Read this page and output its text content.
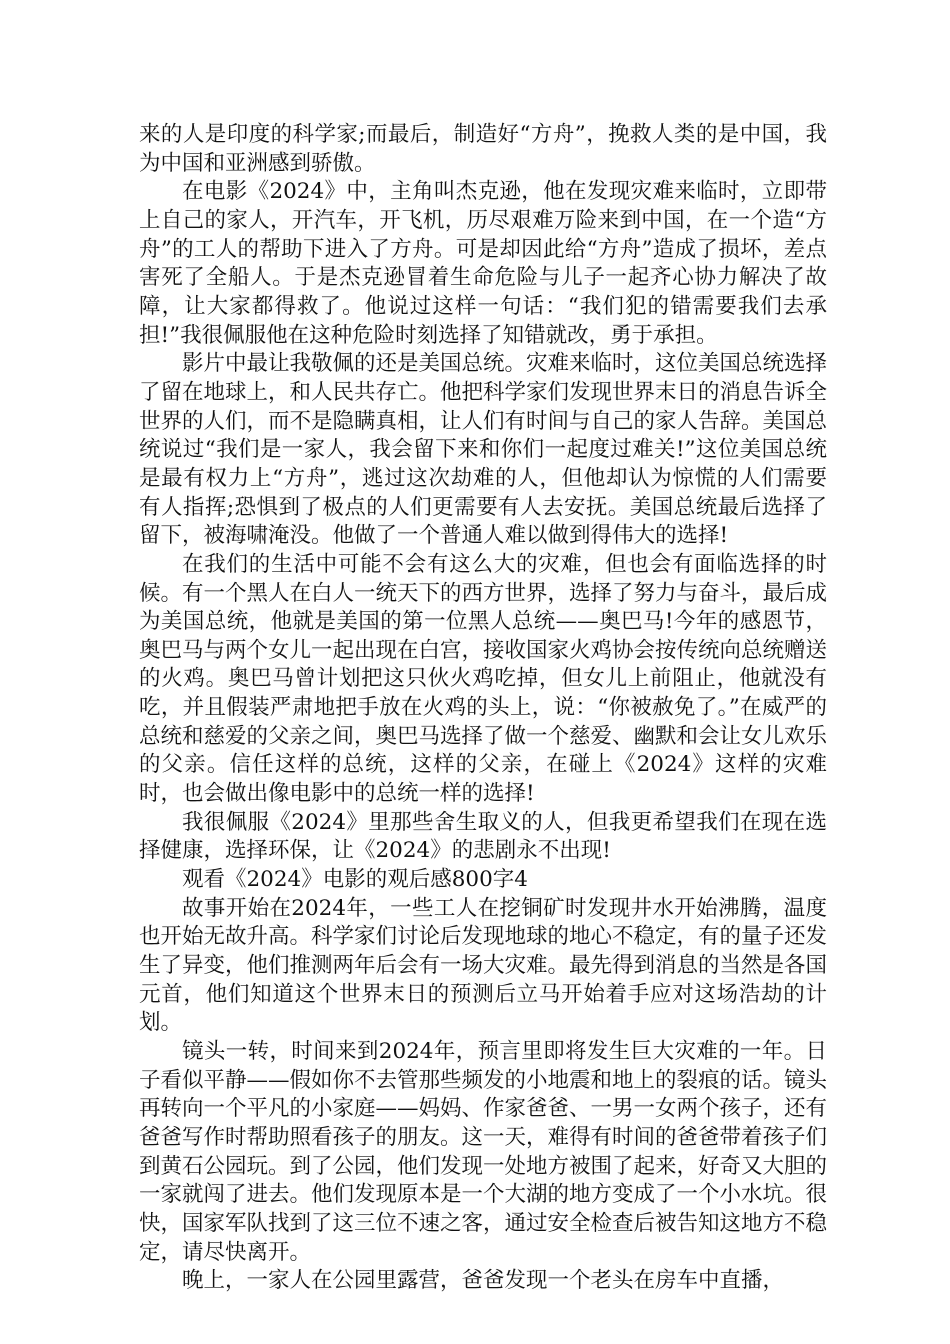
来的人是印度的科学家;而最后，制造好“方舟”，挽救人类的是中国，我为中国和亚洲感到骄傲。

在电影《2024》中，主角叫杰克逊，他在发现灾难来临时，立即带上自己的家人，开汽车，开飞机，历尽艰难万险来到中国，在一个造“方舟”的工人的帮助下进入了方舟。可是却因此给“方舟”造成了损坏，差点害死了全船人。于是杰克逊冒着生命危险与儿子一起齐心协力解决了故障，让大家都得救了。他说过这样一句话：“我们犯的错需要我们去承担!”我很佩服他在这种危险时刻选择了知错就改，勇于承担。

影片中最让我敬佩的还是美国总统。灾难来临时，这位美国总统选择了留在地球上，和人民共存亡。他把科学家们发现世界末日的消息告诉全世界的人们，而不是隐瞒真相，让人们有时间与自己的家人告辞。美国总统说过“我们是一家人，我会留下来和你们一起度过难关!”这位美国总统是最有权力上“方舟”，逃过这次劫难的人，但他却认为惊慌的人们需要有人指挥;恐惧到了极点的人们更需要有人去安抚。美国总统最后选择了留下，被海啸淹没。他做了一个普通人难以做到得伟大的选择!

在我们的生活中可能不会有这么大的灾难，但也会有面临选择的时候。有一个黑人在白人一统天下的西方世界，选择了努力与奋斗，最后成为美国总统，他就是美国的第一位黑人总统——奥巴马!今年的感恩节，奥巴马与两个女儿一起出现在白宫，接收国家火鸡协会按传统向总统赠送的火鸡。奥巴马曾计划把这只伙火鸡吃掉，但女儿上前阻止，他就没有吃，并且假装严肃地把手放在火鸡的头上，说：“你被赦免了。”在威严的总统和慈爱的父亲之间，奥巴马选择了做一个慈爱、幽默和会让女儿欢乐的父亲。信任这样的总统，这样的父亲，在碰上《2024》这样的灾难时，也会做出像电影中的总统一样的选择!

我很佩服《2024》里那些舍生取义的人，但我更希望我们在现在选择健康，选择环保，让《2024》的悲剧永不出现!

观看《2024》电影的观后感800字4

故事开始在2024年，一些工人在挖铜矿时发现井水开始沸腾，温度也开始无故升高。科学家们讨论后发现地球的地心不稳定，有的量子还发生了异变，他们推测两年后会有一场大灾难。最先得到消息的当然是各国元首，他们知道这个世界末日的预测后立马开始着手应对这场浩劫的计划。

镜头一转，时间来到2024年，预言里即将发生巨大灾难的一年。日子看似平静——假如你不去管那些频发的小地震和地上的裂痕的话。镜头再转向一个平凡的小家庭——妈妈、作家爸爸、一男一女两个孩子，还有爸爸写作时帮助照看孩子的朋友。这一天，难得有时间的爸爸带着孩子们到黄石公园玩。到了公园，他们发现一处地方被围了起来，好奇又大胆的一家就闯了进去。他们发现原本是一个大湖的地方变成了一个小水坑。很快，国家军队找到了这三位不速之客，通过安全检查后被告知这地方不稳定，请尽快离开。

晚上，一家人在公园里露营，爸爸发现一个老头在房车中直播，
